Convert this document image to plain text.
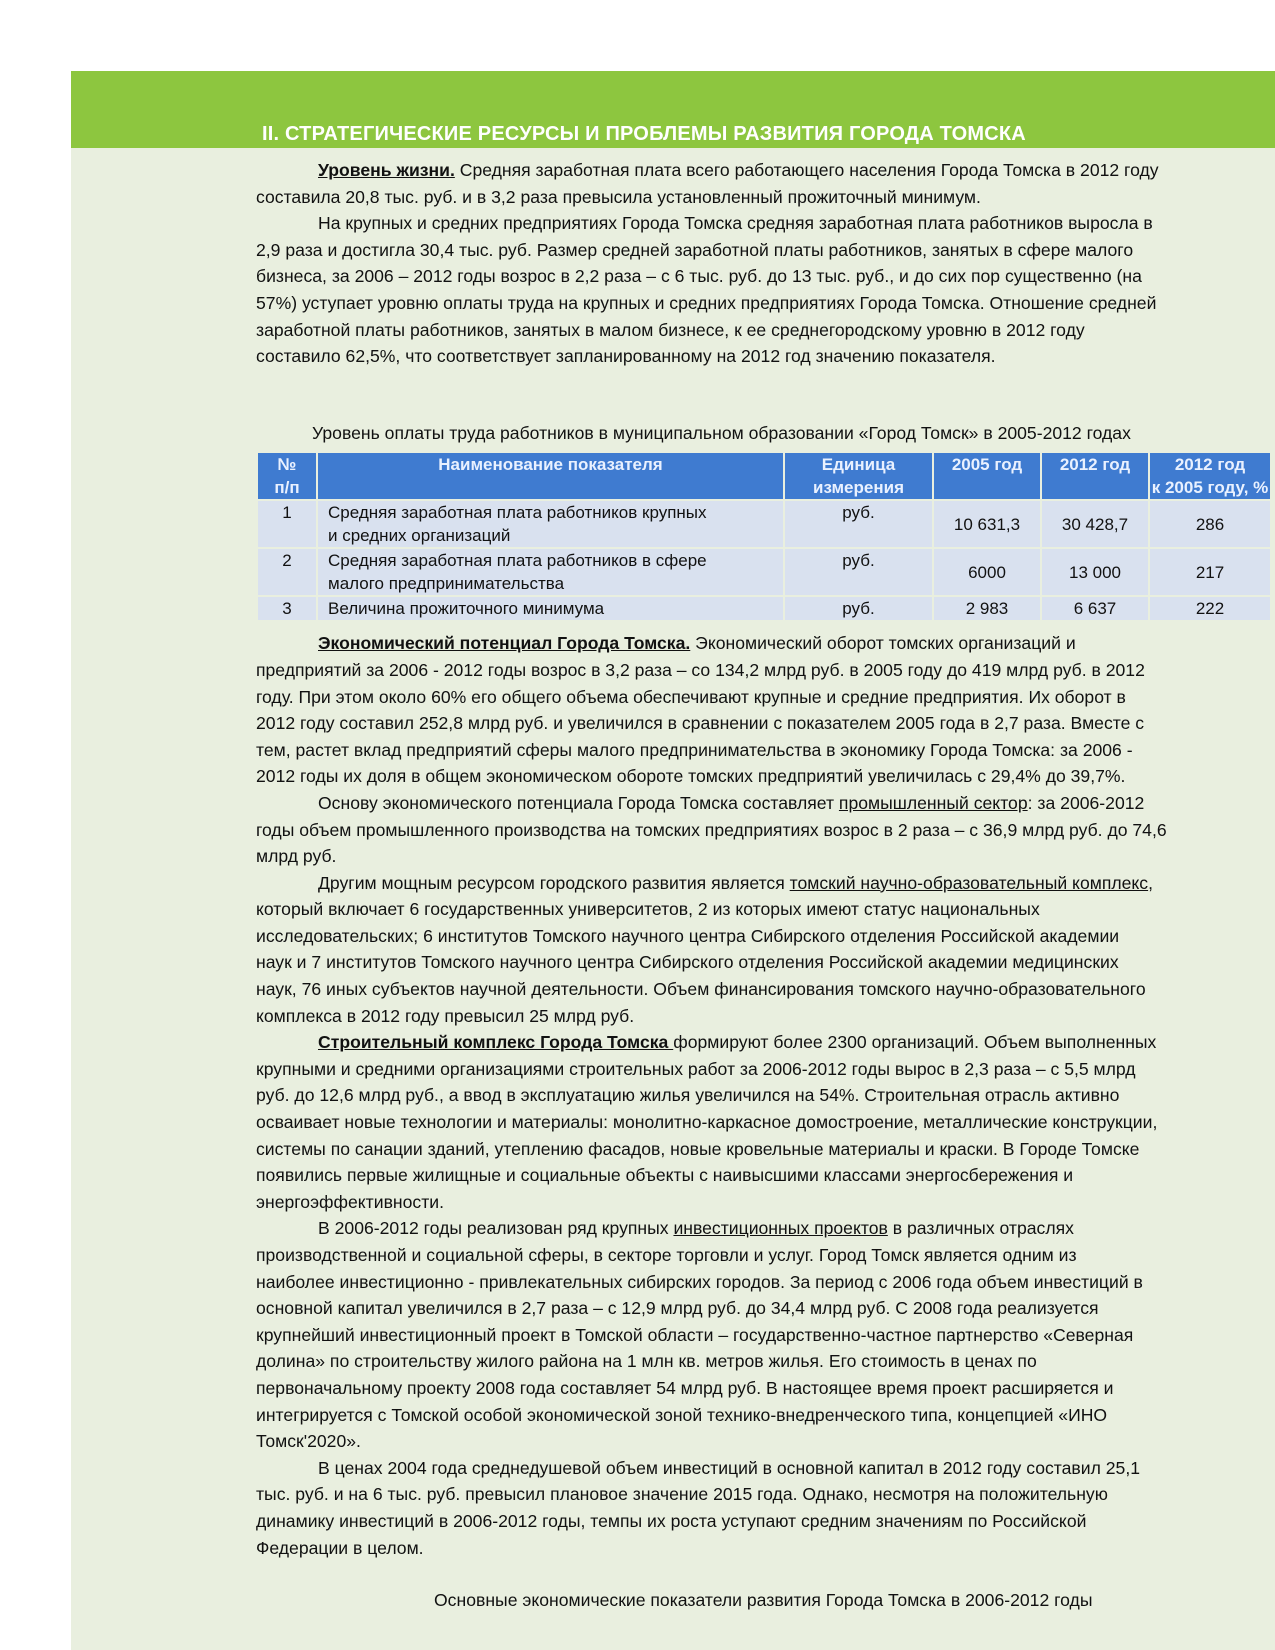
II. СТРАТЕГИЧЕСКИЕ РЕСУРСЫ И ПРОБЛЕМЫ РАЗВИТИЯ ГОРОДА ТОМСКА
Уровень жизни. Средняя заработная плата всего работающего населения Города Томска в 2012 году
составила 20,8 тыс. руб. и в 3,2 раза превысила установленный прожиточный минимум.
На крупных и средних предприятиях Города Томска средняя заработная плата работников выросла в
2,9 раза и достигла 30,4 тыс. руб. Размер средней заработной платы работников, занятых в сфере малого
бизнеса, за 2006 – 2012 годы возрос в 2,2 раза – с 6 тыс. руб. до 13 тыс. руб., и до сих пор существенно (на
57%) уступает уровню оплаты труда на крупных и средних предприятиях Города Томска. Отношение средней
заработной платы работников, занятых в малом бизнесе, к ее среднегородскому уровню в 2012 году
составило 62,5%, что соответствует запланированному на 2012 год значению показателя.
Уровень оплаты труда работников в муниципальном образовании «Город Томск» в 2005-2012 годах
№
п/п	Наименование показателя	Единица
измерения	2005 год	2012 год	2012 год
к 2005 году, %

1	Средняя заработная плата работников крупных
и средних организаций	руб.	10 631,3	30 428,7	286
2	Средняя заработная плата работников в сфере
малого предпринимательства	руб.	6000	13 000	217
3	Величина прожиточного минимума	руб.	2 983	6 637	222
Экономический потенциал Города Томска. Экономический оборот томских организаций и
предприятий за 2006 - 2012 годы возрос в 3,2 раза – со 134,2 млрд руб. в 2005 году до 419 млрд руб. в 2012
году. При этом около 60% его общего объема обеспечивают крупные и средние предприятия. Их оборот в
2012 году составил 252,8 млрд руб. и увеличился в сравнении с показателем 2005 года в 2,7 раза. Вместе с
тем, растет вклад предприятий сферы малого предпринимательства в экономику Города Томска: за 2006 -
2012 годы их доля в общем экономическом обороте томских предприятий увеличилась с 29,4% до 39,7%.
Основу экономического потенциала Города Томска составляет промышленный сектор: за 2006-2012
годы объем промышленного производства на томских предприятиях возрос в 2 раза – с 36,9 млрд руб. до 74,6
млрд руб.
Другим мощным ресурсом городского развития является томский научно-образовательный комплекс,
который включает 6 государственных университетов, 2 из которых имеют статус национальных
исследовательских; 6 институтов Томского научного центра Сибирского отделения Российской академии
наук и 7 институтов Томского научного центра Сибирского отделения Российской академии медицинских
наук, 76 иных субъектов научной деятельности. Объем финансирования томского научно-образовательного
комплекса в 2012 году превысил 25 млрд руб.
Строительный комплекс Города Томска формируют более 2300 организаций. Объем выполненных
крупными и средними организациями строительных работ за 2006-2012 годы вырос в 2,3 раза – с 5,5 млрд
руб. до 12,6 млрд руб., а ввод в эксплуатацию жилья увеличился на 54%. Строительная отрасль активно
осваивает новые технологии и материалы: монолитно-каркасное домостроение, металлические конструкции,
системы по санации зданий, утеплению фасадов, новые кровельные материалы и краски. В Городе Томске
появились первые жилищные и социальные объекты с наивысшими классами энергосбережения и
энергоэффективности.
В 2006-2012 годы реализован ряд крупных инвестиционных проектов в различных отраслях
производственной и социальной сферы, в секторе торговли и услуг. Город Томск является одним из
наиболее инвестиционно - привлекательных сибирских городов. За период с 2006 года объем инвестиций в
основной капитал увеличился в 2,7 раза – с 12,9 млрд руб. до 34,4 млрд руб. С 2008 года реализуется
крупнейший инвестиционный проект в Томской области – государственно-частное партнерство «Северная
долина» по строительству жилого района на 1 млн кв. метров жилья. Его стоимость в ценах по
первоначальному проекту 2008 года составляет 54 млрд руб. В настоящее время проект расширяется и
интегрируется с Томской особой экономической зоной технико-внедренческого типа, концепцией «ИНО
Томск'2020».
В ценах 2004 года среднедушевой объем инвестиций в основной капитал в 2012 году составил 25,1
тыс. руб. и на 6 тыс. руб. превысил плановое значение 2015 года. Однако, несмотря на положительную
динамику инвестиций в 2006-2012 годы, темпы их роста уступают средним значениям по Российской
Федерации в целом.
Основные экономические показатели развития Города Томска в 2006-2012 годы
